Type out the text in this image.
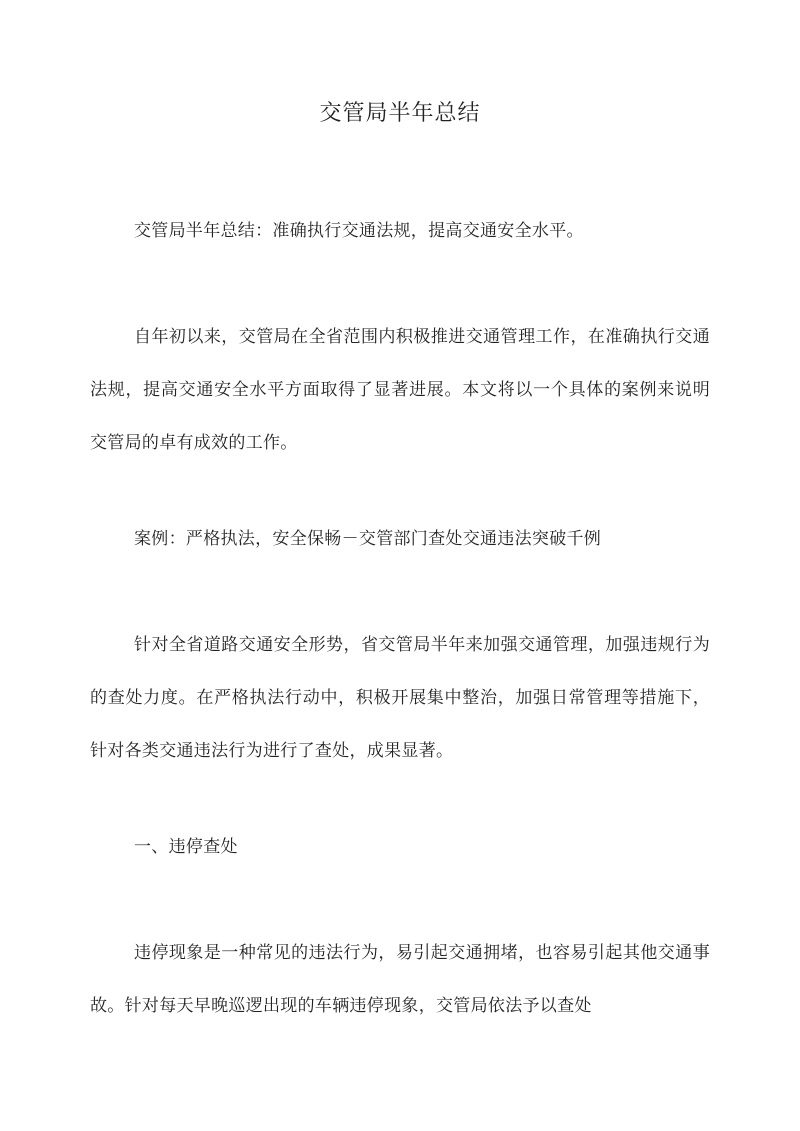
交管局半年总结

交管局半年总结：准确执行交通法规，提高交通安全水平。

自年初以来，交管局在全省范围内积极推进交通管理工作，在准确执行交通法规，提高交通安全水平方面取得了显著进展。本文将以一个具体的案例来说明交管局的卓有成效的工作。

案例：严格执法，安全保畅－交管部门查处交通违法突破千例

针对全省道路交通安全形势，省交管局半年来加强交通管理，加强违规行为的查处力度。在严格执法行动中，积极开展集中整治，加强日常管理等措施下，针对各类交通违法行为进行了查处，成果显著。

一、违停查处

违停现象是一种常见的违法行为，易引起交通拥堵，也容易引起其他交通事故。针对每天早晚巡逻出现的车辆违停现象，交管局依法予以查处
